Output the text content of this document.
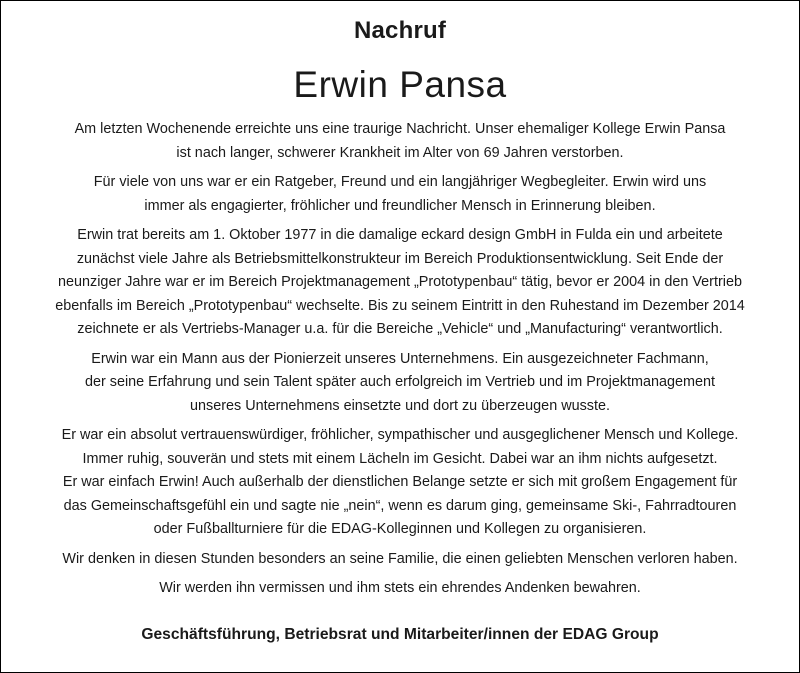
Nachruf
Erwin Pansa

Am letzten Wochenende erreichte uns eine traurige Nachricht. Unser ehemaliger Kollege Erwin Pansa
ist nach langer, schwerer Krankheit im Alter von 69 Jahren verstorben.

Für viele von uns war er ein Ratgeber, Freund und ein langjähriger Wegbegleiter. Erwin wird uns
immer als engagierter, fröhlicher und freundlicher Mensch in Erinnerung bleiben.

Erwin trat bereits am 1. Oktober 1977 in die damalige eckard design GmbH in Fulda ein und arbeitete
zunächst viele Jahre als Betriebsmittelkonstrukteur im Bereich Produktionsentwicklung. Seit Ende der
neunziger Jahre war er im Bereich Projektmanagement „Prototypenbau“ tätig, bevor er 2004 in den Vertrieb
ebenfalls im Bereich „Prototypenbau“ wechselte. Bis zu seinem Eintritt in den Ruhestand im Dezember 2014
zeichnete er als Vertriebs-Manager u.a. für die Bereiche „Vehicle“ und „Manufacturing“ verantwortlich.

Erwin war ein Mann aus der Pionierzeit unseres Unternehmens. Ein ausgezeichneter Fachmann,
der seine Erfahrung und sein Talent später auch erfolgreich im Vertrieb und im Projektmanagement
unseres Unternehmens einsetzte und dort zu überzeugen wusste.

Er war ein absolut vertrauenswürdiger, fröhlicher, sympathischer und ausgeglichener Mensch und Kollege.
Immer ruhig, souverän und stets mit einem Lächeln im Gesicht. Dabei war an ihm nichts aufgesetzt.
Er war einfach Erwin! Auch außerhalb der dienstlichen Belange setzte er sich mit großem Engagement für
das Gemeinschaftsgefühl ein und sagte nie „nein“, wenn es darum ging, gemeinsame Ski-, Fahrradtouren
oder Fußballturniere für die EDAG-Kolleginnen und Kollegen zu organisieren.

Wir denken in diesen Stunden besonders an seine Familie, die einen geliebten Menschen verloren haben.

Wir werden ihn vermissen und ihm stets ein ehrendes Andenken bewahren.

Geschäftsführung, Betriebsrat und Mitarbeiter/innen der EDAG Group
